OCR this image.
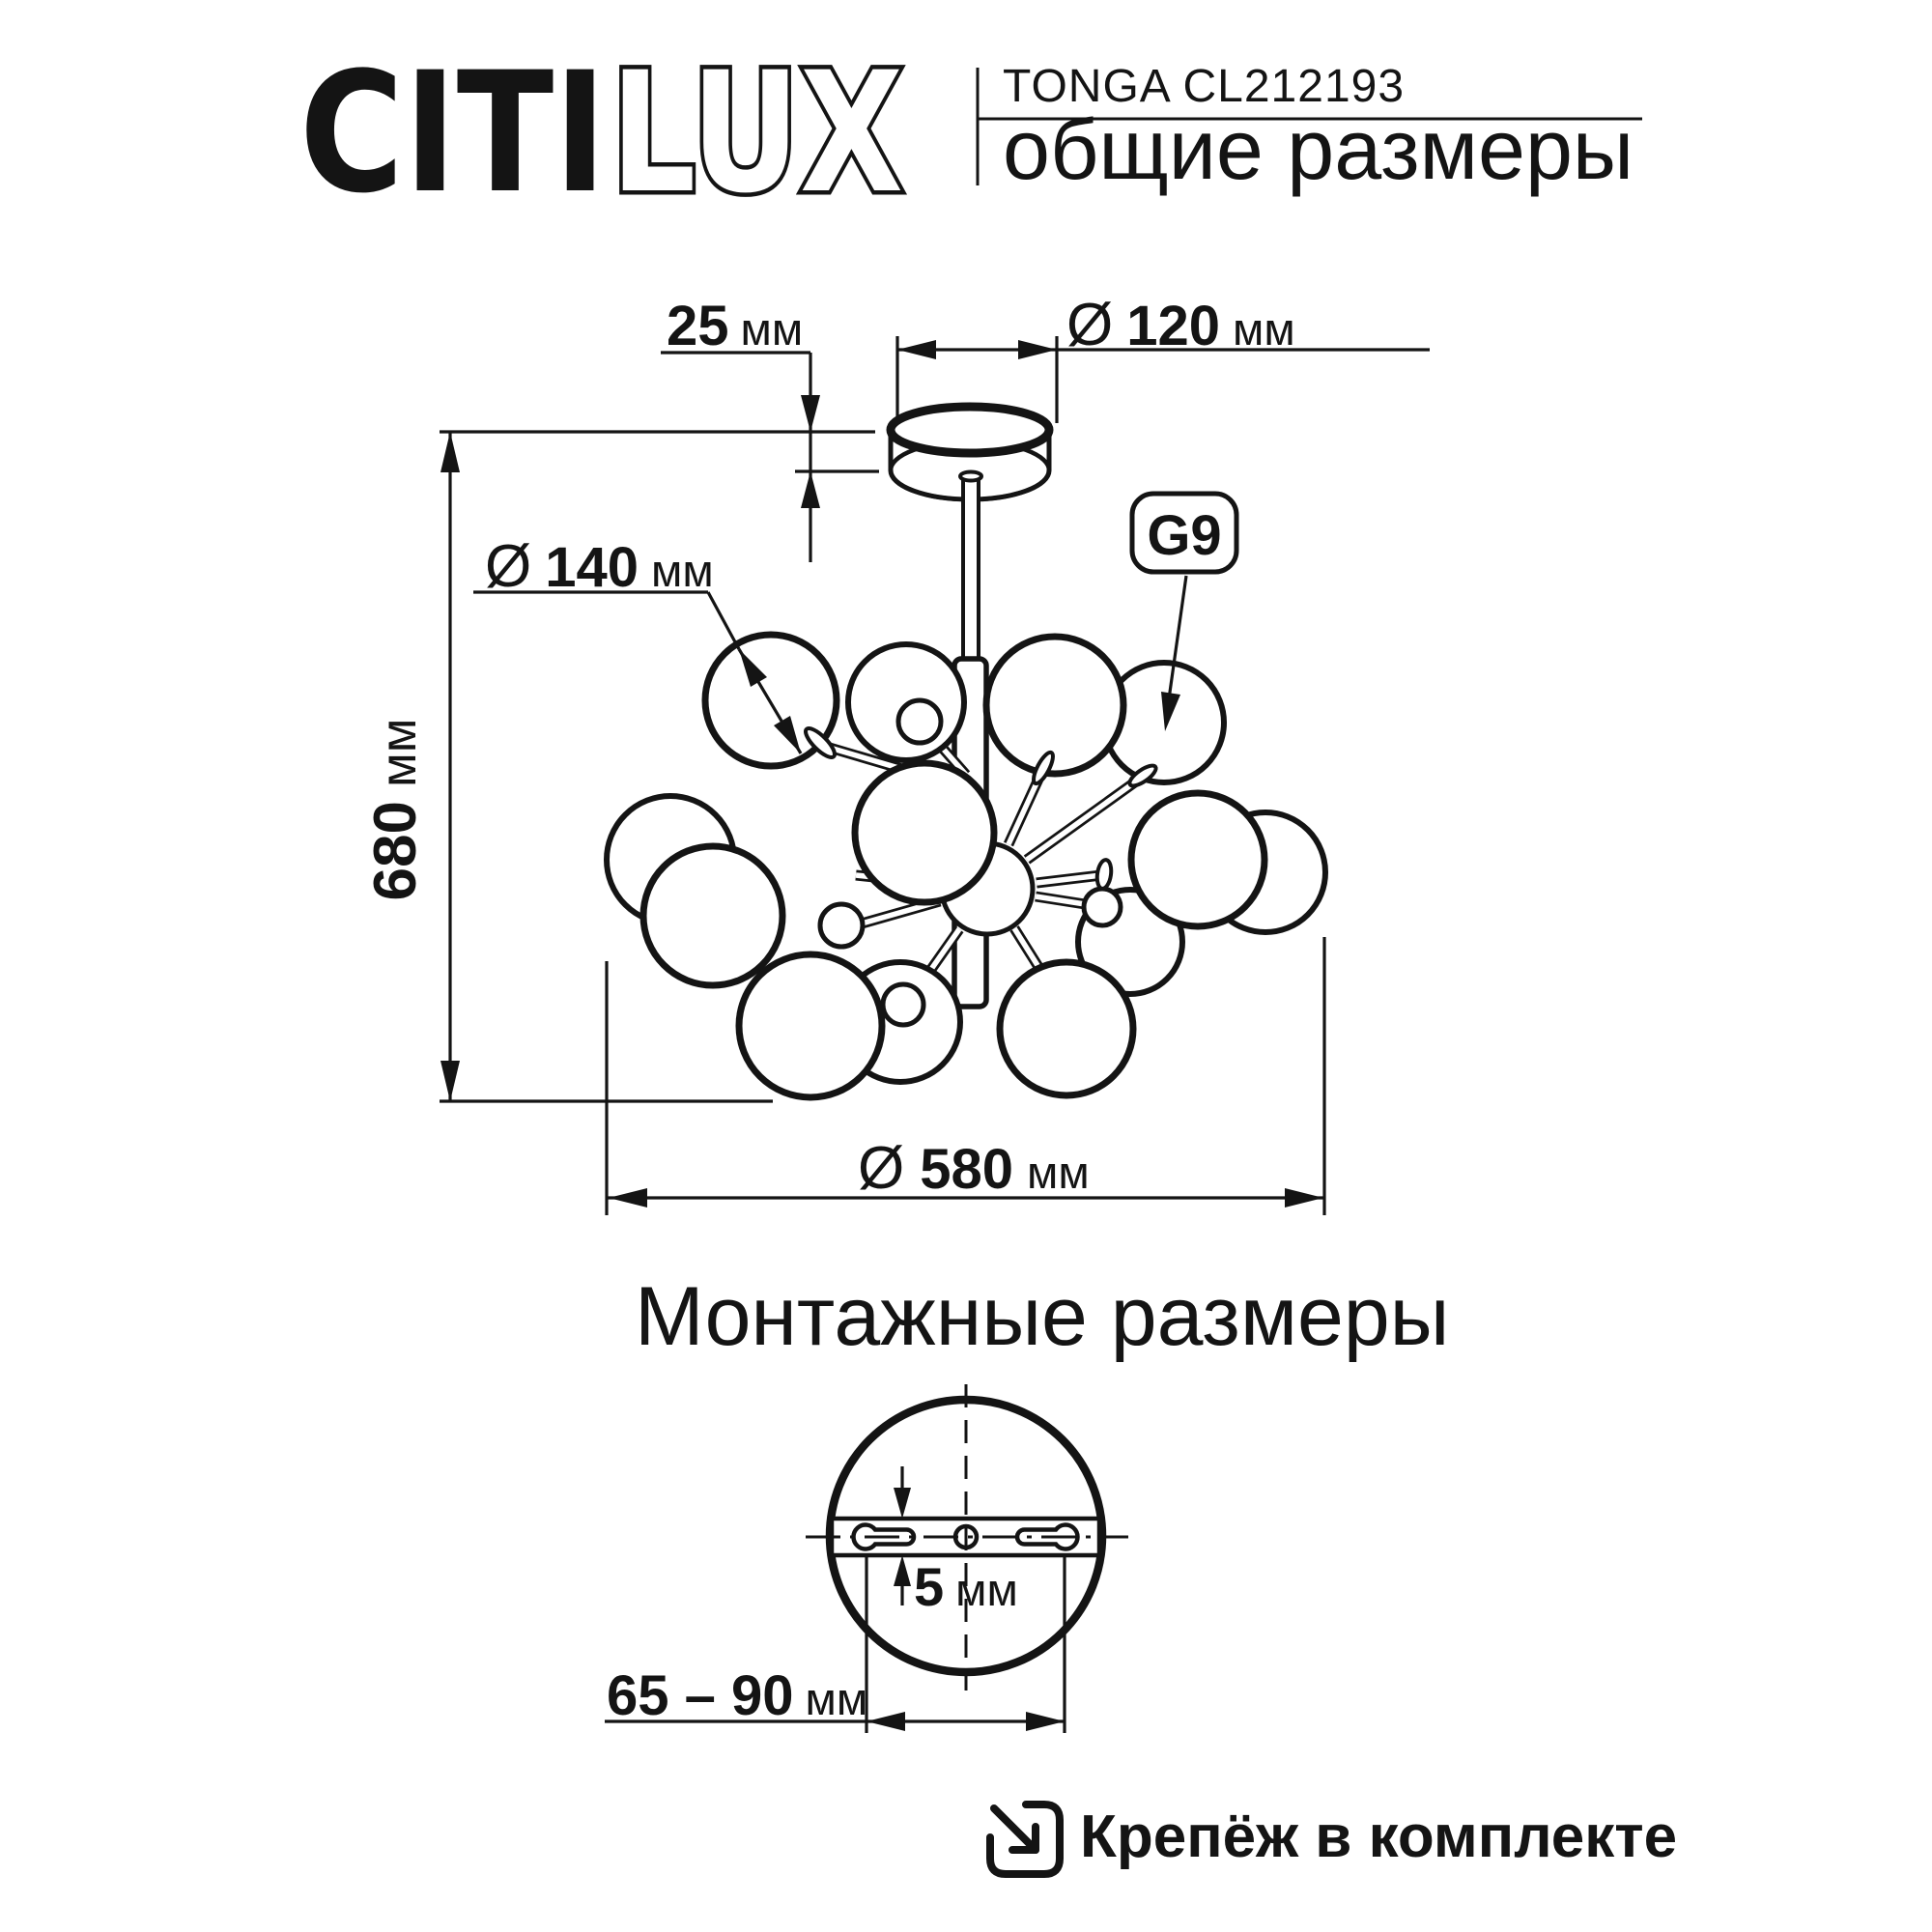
CITI LUX TONGA CL212193
общие размеры
680мм
25 мм	Ø 120 мм
Ø 580 мм
Ø 140 мм
G9
Монтажные размеры
5 мм
65 – 90 мм
Крепёж в комплекте
